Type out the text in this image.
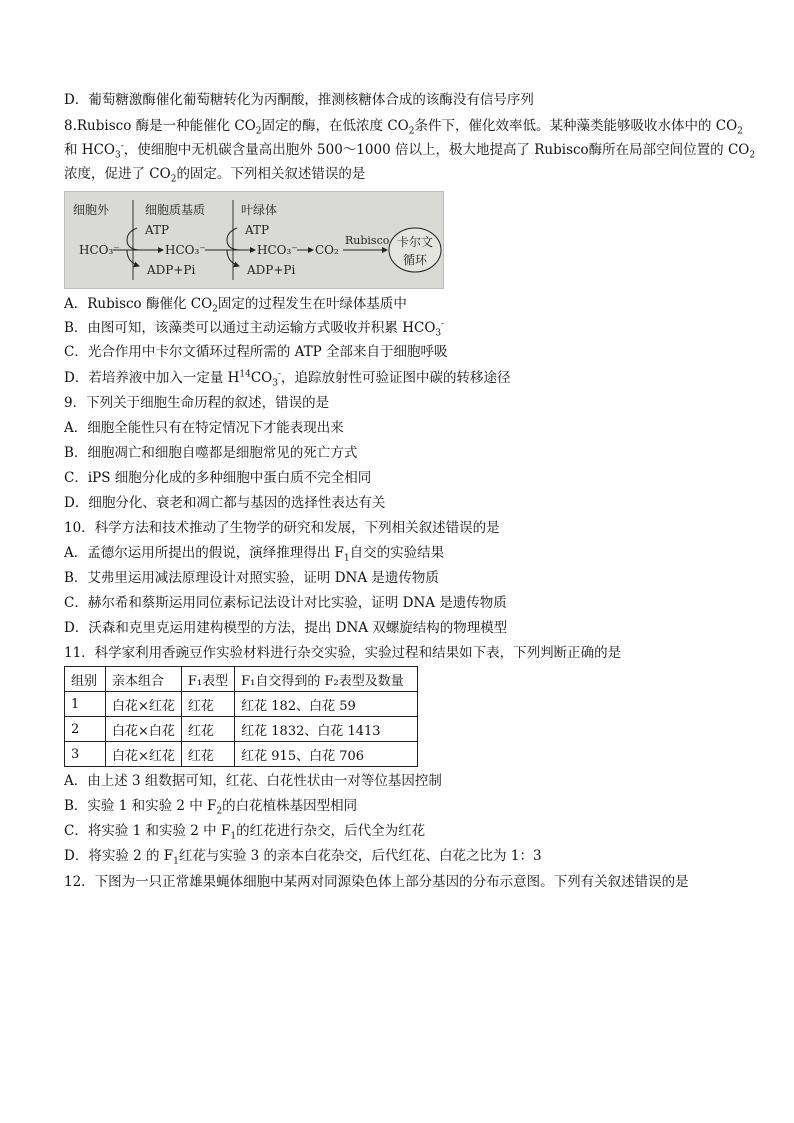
D．葡萄糖激酶催化葡萄糖转化为丙酮酸，推测核糖体合成的该酶没有信号序列
8.Rubisco 酶是一种能催化 $CO_2$固定的酶，在低浓度 $CO_2$条件下，催化效率低。某种藻类能够吸收水体中的 $CO_2$
和 $HCO_3^-$，使细胞中无机碳含量高出胞外 500～1000 倍以上，极大地提高了 Rubisco酶所在局部空间位置的 $CO_2$
浓度，促进了 $CO_2$的固定。下列相关叙述错误的是
细胞外	细胞质基质	叶绿体
HCO₃⁻
ATP
ADP+Pi
HCO₃⁻
ATP
ADP+Pi
HCO₃⁻ CO₂
Rubisco 卡尔文
循环
A．Rubisco 酶催化 $CO_2$固定的过程发生在叶绿体基质中
B．由图可知，该藻类可以通过主动运输方式吸收并积累 $HCO_3^-$
C．光合作用中卡尔文循环过程所需的 ATP 全部来自于细胞呼吸
D．若培养液中加入一定量 $H^{14}CO_3^-$，追踪放射性可验证图中碳的转移途径
9．下列关于细胞生命历程的叙述，错误的是
A．细胞全能性只有在特定情况下才能表现出来
B．细胞凋亡和细胞自噬都是细胞常见的死亡方式
C．iPS 细胞分化成的多种细胞中蛋白质不完全相同
D．细胞分化、衰老和凋亡都与基因的选择性表达有关
10．科学方法和技术推动了生物学的研究和发展，下列相关叙述错误的是
A．孟德尔运用所提出的假说，演绎推理得出 $F_1$自交的实验结果
B．艾弗里运用减法原理设计对照实验，证明 DNA 是遗传物质
C．赫尔希和蔡斯运用同位素标记法设计对比实验，证明 DNA 是遗传物质
D．沃森和克里克运用建构模型的方法，提出 DNA 双螺旋结构的物理模型
11．科学家利用香豌豆作实验材料进行杂交实验，实验过程和结果如下表，下列判断正确的是
组别	亲本组合	F₁表型	F₁自交得到的 F₂表型及数量
1	白花×红花	红花	红花 182、白花 59
2	白花×白花	红花	红花 1832、白花 1413
3	白花×红花	红花	红花 915、白花 706
A．由上述 3 组数据可知，红花、白花性状由一对等位基因控制
B．实验 1 和实验 2 中 $F_2$的白花植株基因型相同
C．将实验 1 和实验 2 中 $F_1$的红花进行杂交，后代全为红花
D．将实验 2 的 $F_1$红花与实验 3 的亲本白花杂交，后代红花、白花之比为 1：3
12．下图为一只正常雄果蝇体细胞中某两对同源染色体上部分基因的分布示意图。下列有关叙述错误的是
